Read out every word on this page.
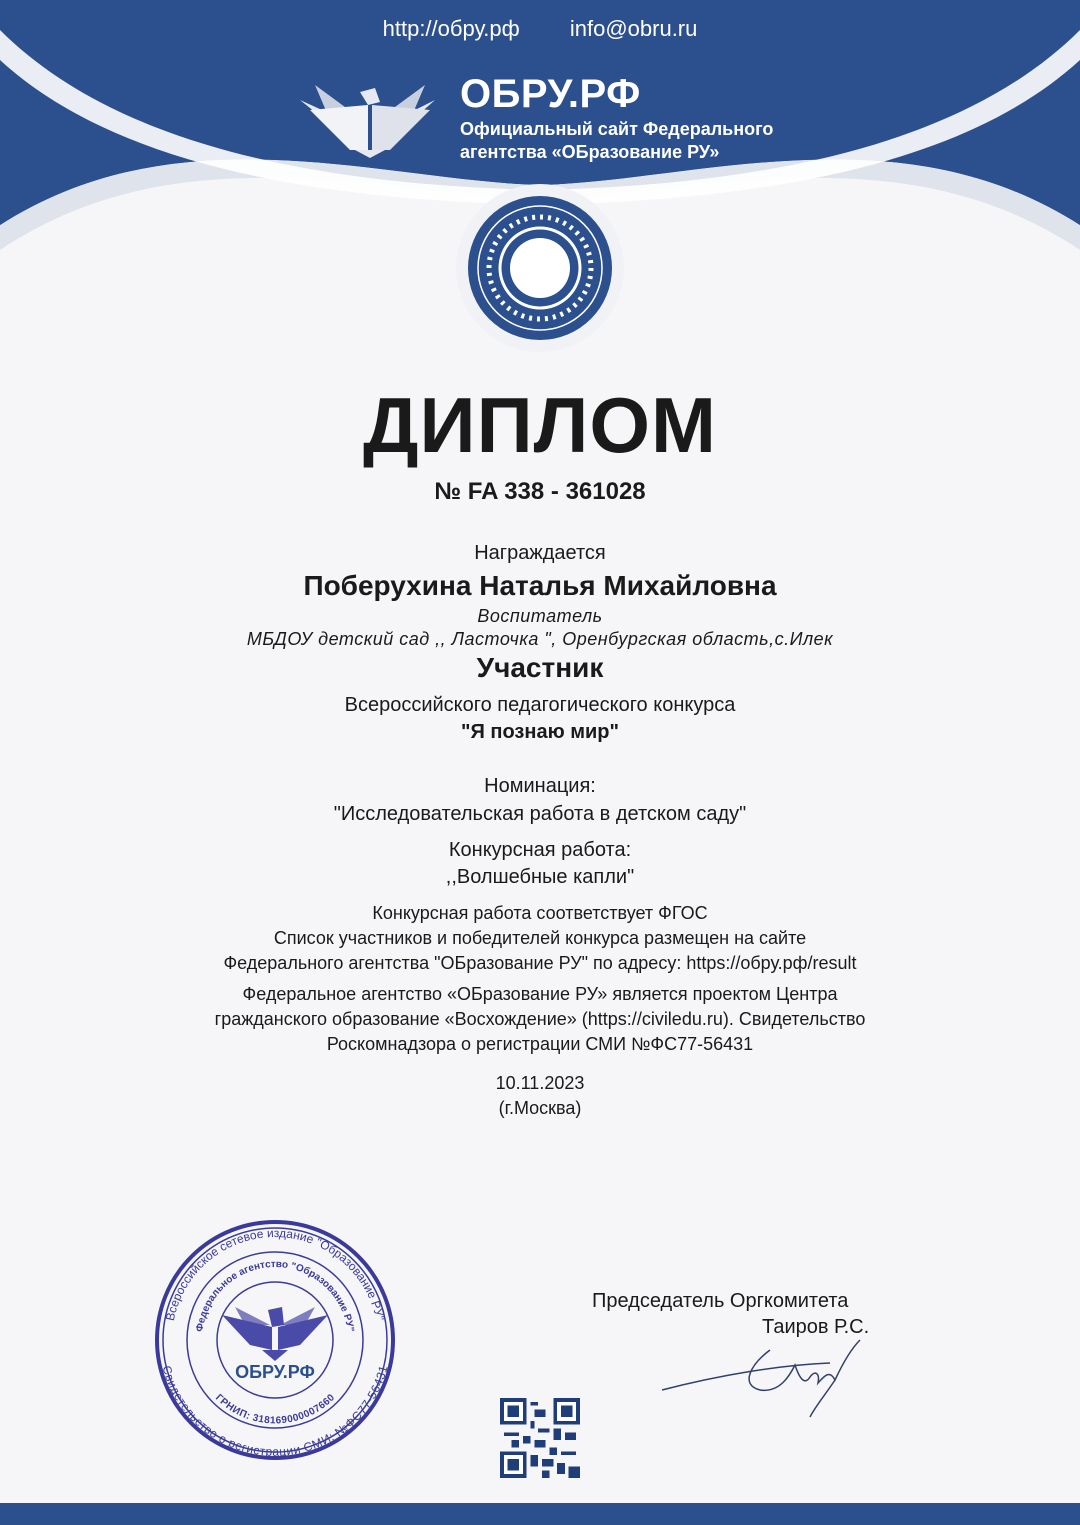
http://обру.рф info@obru.ru
ОБРУ.РФ
Официальный сайт Федерального
агентства «ОБразование РУ»
ДИПЛОМ
№ FA 338 - 361028
Награждается
Поберухина Наталья Михайловна
Воспитатель
МБДОУ детский сад ,, Ласточка ", Оренбургская область,с.Илек
Участник
Всероссийского педагогического конкурса
"Я познаю мир"
Номинация:
"Исследовательская работа в детском саду"
Конкурсная работа:
,,Волшебные капли"
Конкурсная работа соответствует ФГОС
Список участников и победителей конкурса размещен на сайте
Федерального агентства "ОБразование РУ" по адресу: https://обру.рф/result
Федеральное агентство «ОБразование РУ» является проектом Центра
гражданского образование «Восхождение» (https://civiledu.ru). Свидетельство
Роскомнадзора о регистрации СМИ №ФС77-56431
10.11.2023
(г.Москва)
Всероссийское сетевое издание "Образование РУ"
Свидетельство о регистрации СМИ: №ФС77-56431
Федеральное агентство "Образование РУ"
ГРНИП: 318169000007660
ОБРУ.РФ
Председатель Оргкомитета
Таиров Р.С.
